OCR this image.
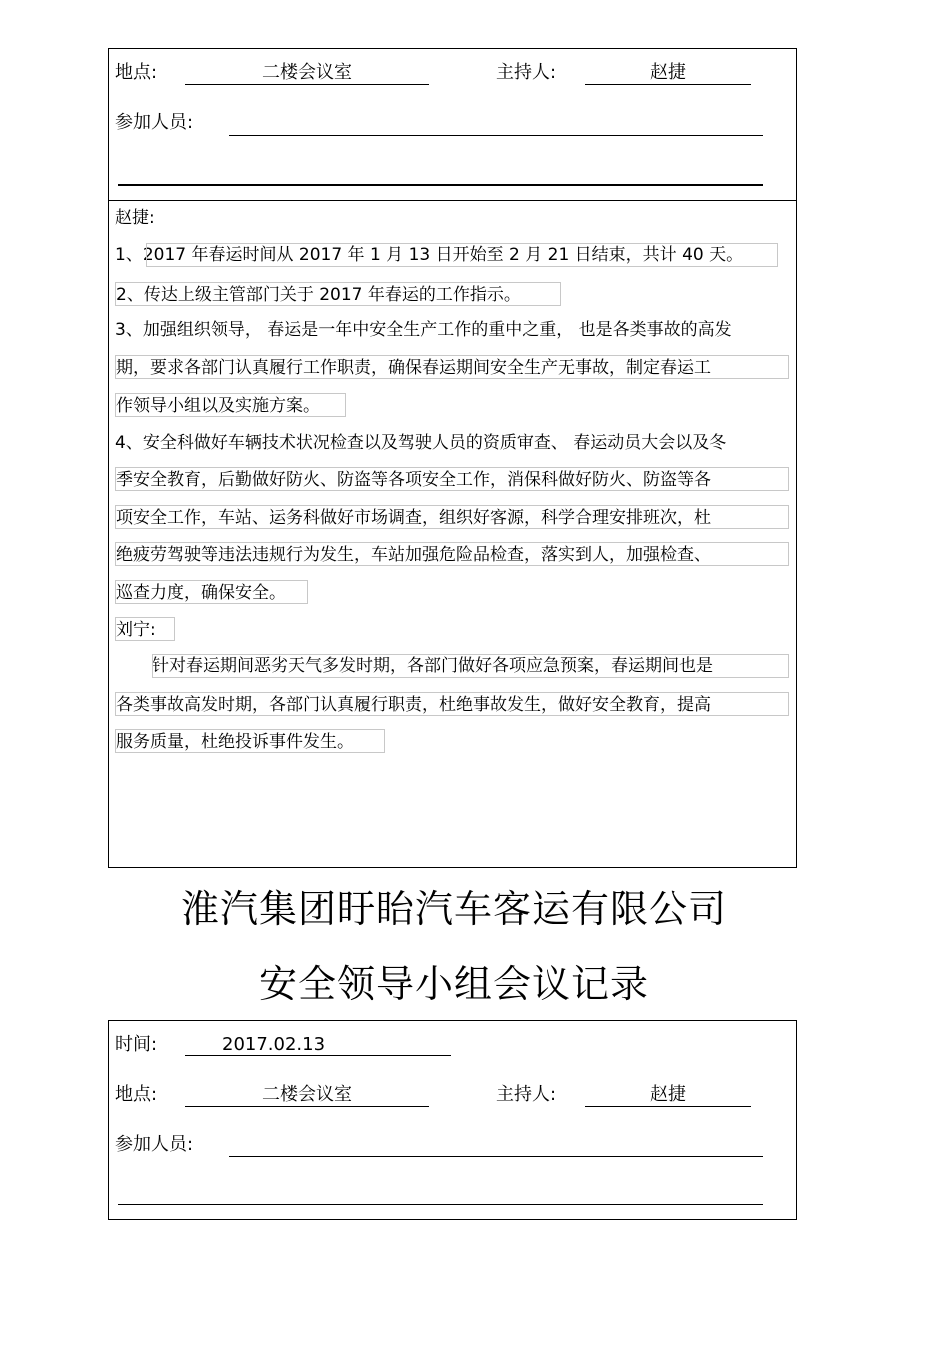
地点:	二楼会议室	主持人:	赵捷
参加人员:
赵捷:
1、2017 年春运时间从 2017 年 1 月 13 日开始至 2 月 21 日结束，共计 40 天。
2、传达上级主管部门关于 2017 年春运的工作指示。
3、加强组织领导， 春运是一年中安全生产工作的重中之重， 也是各类事故的高发
期，要求各部门认真履行工作职责，确保春运期间安全生产无事故，制定春运工
作领导小组以及实施方案。
4、安全科做好车辆技术状况检查以及驾驶人员的资质审查、 春运动员大会以及冬
季安全教育，后勤做好防火、防盗等各项安全工作，消保科做好防火、防盗等各
项安全工作，车站、运务科做好市场调查，组织好客源，科学合理安排班次，杜
绝疲劳驾驶等违法违规行为发生，车站加强危险品检查，落实到人，加强检查、
巡查力度，确保安全。
刘宁:
针对春运期间恶劣天气多发时期，各部门做好各项应急预案，春运期间也是
各类事故高发时期，各部门认真履行职责，杜绝事故发生，做好安全教育，提高
服务质量，杜绝投诉事件发生。
淮汽集团盱眙汽车客运有限公司
安全领导小组会议记录
时间:	2017.02.13
地点:	二楼会议室	主持人:	赵捷
参加人员:
